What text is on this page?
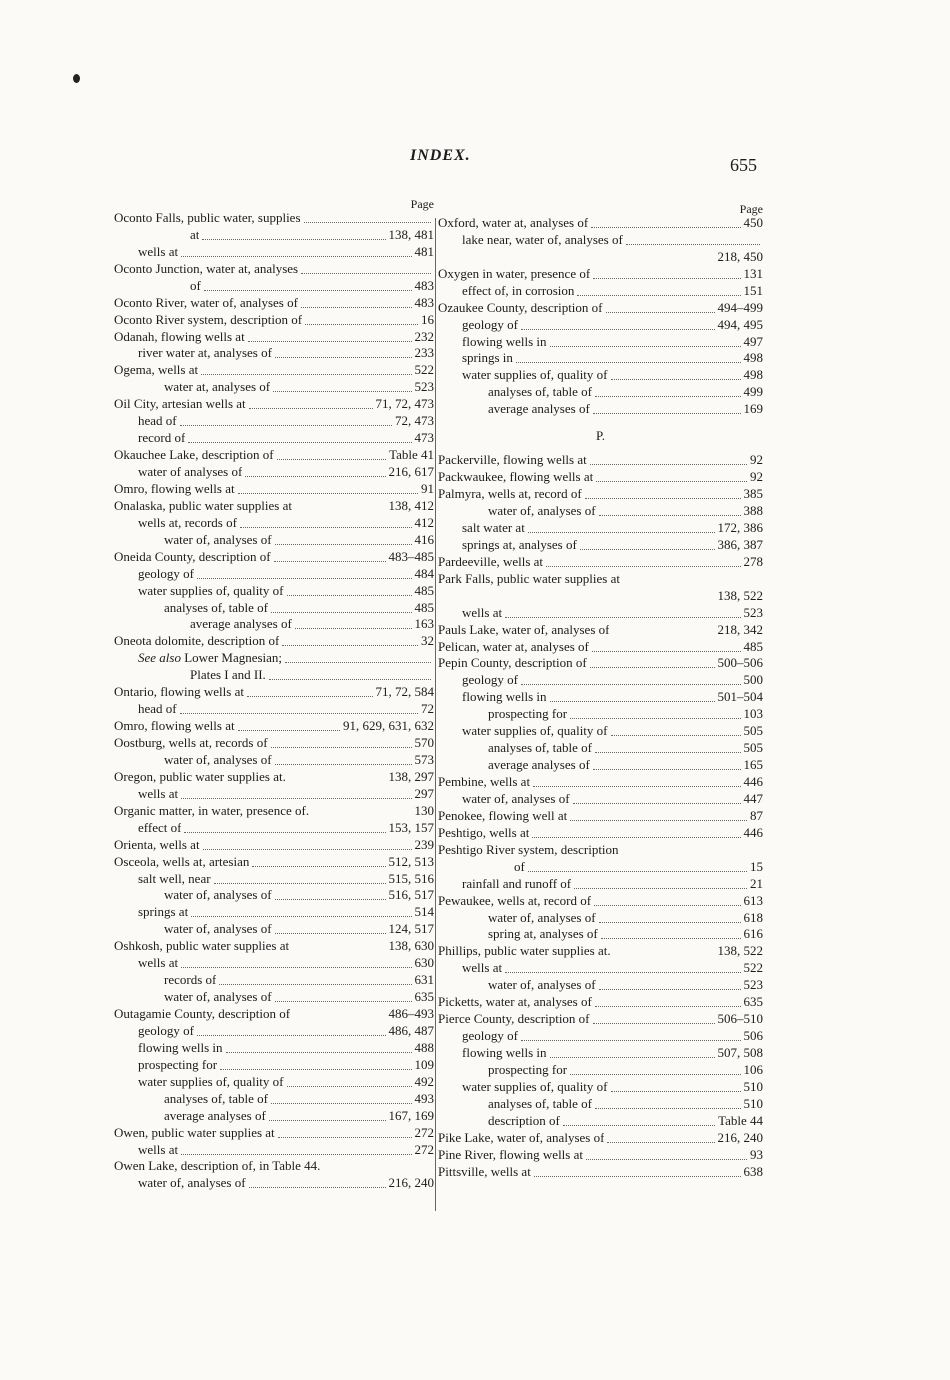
INDEX.	655
Page
Oconto Falls, public water, supplies
at	138, 481
wells at	481
Oconto Junction, water at, analyses
of	483
Oconto River, water of, analyses of	483
Oconto River system, description of	16
Odanah, flowing wells at	232
river water at, analyses of	233
Ogema, wells at	522
water at, analyses of	523
Oil City, artesian wells at	71, 72, 473
head of	72, 473
record of	473
Okauchee Lake, description of	Table 41
water of analyses of	216, 617
Omro, flowing wells at	91
Onalaska, public water supplies at	138, 412
wells at, records of	412
water of, analyses of	416
Oneida County, description of	483–485
geology of	484
water supplies of, quality of	485
analyses of, table of	485
average analyses of	163
Oneota dolomite, description of	32
See also Lower Magnesian;
Plates I and II.
Ontario, flowing wells at	71, 72, 584
head of	72
Omro, flowing wells at	91, 629, 631, 632
Oostburg, wells at, records of	570
water of, analyses of	573
Oregon, public water supplies at.	138, 297
wells at	297
Organic matter, in water, presence of.	130
effect of	153, 157
Orienta, wells at	239
Osceola, wells at, artesian	512, 513
salt well, near	515, 516
water of, analyses of	516, 517
springs at	514
water of, analyses of	124, 517
Oshkosh, public water supplies at	138, 630
wells at	630
records of	631
water of, analyses of	635
Outagamie County, description of	486–493
geology of	486, 487
flowing wells in	488
prospecting for	109
water supplies of, quality of	492
analyses of, table of	493
average analyses of	167, 169
Owen, public water supplies at	272
wells at	272
Owen Lake, description of, in Table 44.
water of, analyses of	216, 240
Page
Oxford, water at, analyses of	450
lake near, water of, analyses of
218, 450
Oxygen in water, presence of	131
effect of, in corrosion	151
Ozaukee County, description of	494–499
geology of	494, 495
flowing wells in	497
springs in	498
water supplies of, quality of	498
analyses of, table of	499
average analyses of	169
P.
Packerville, flowing wells at	92
Packwaukee, flowing wells at	92
Palmyra, wells at, record of	385
water of, analyses of	388
salt water at	172, 386
springs at, analyses of	386, 387
Pardeeville, wells at	278
Park Falls, public water supplies at
138, 522
wells at	523
Pauls Lake, water of, analyses of	218, 342
Pelican, water at, analyses of	485
Pepin County, description of	500–506
geology of	500
flowing wells in	501–504
prospecting for	103
water supplies of, quality of	505
analyses of, table of	505
average analyses of	165
Pembine, wells at	446
water of, analyses of	447
Penokee, flowing well at	87
Peshtigo, wells at	446
Peshtigo River system, description
of	15
rainfall and runoff of	21
Pewaukee, wells at, record of	613
water of, analyses of	618
spring at, analyses of	616
Phillips, public water supplies at.	138, 522
wells at	522
water of, analyses of	523
Picketts, water at, analyses of	635
Pierce County, description of	506–510
geology of	506
flowing wells in	507, 508
prospecting for	106
water supplies of, quality of	510
analyses of, table of	510
description of	Table 44
Pike Lake, water of, analyses of	216, 240
Pine River, flowing wells at	93
Pittsville, wells at	638
